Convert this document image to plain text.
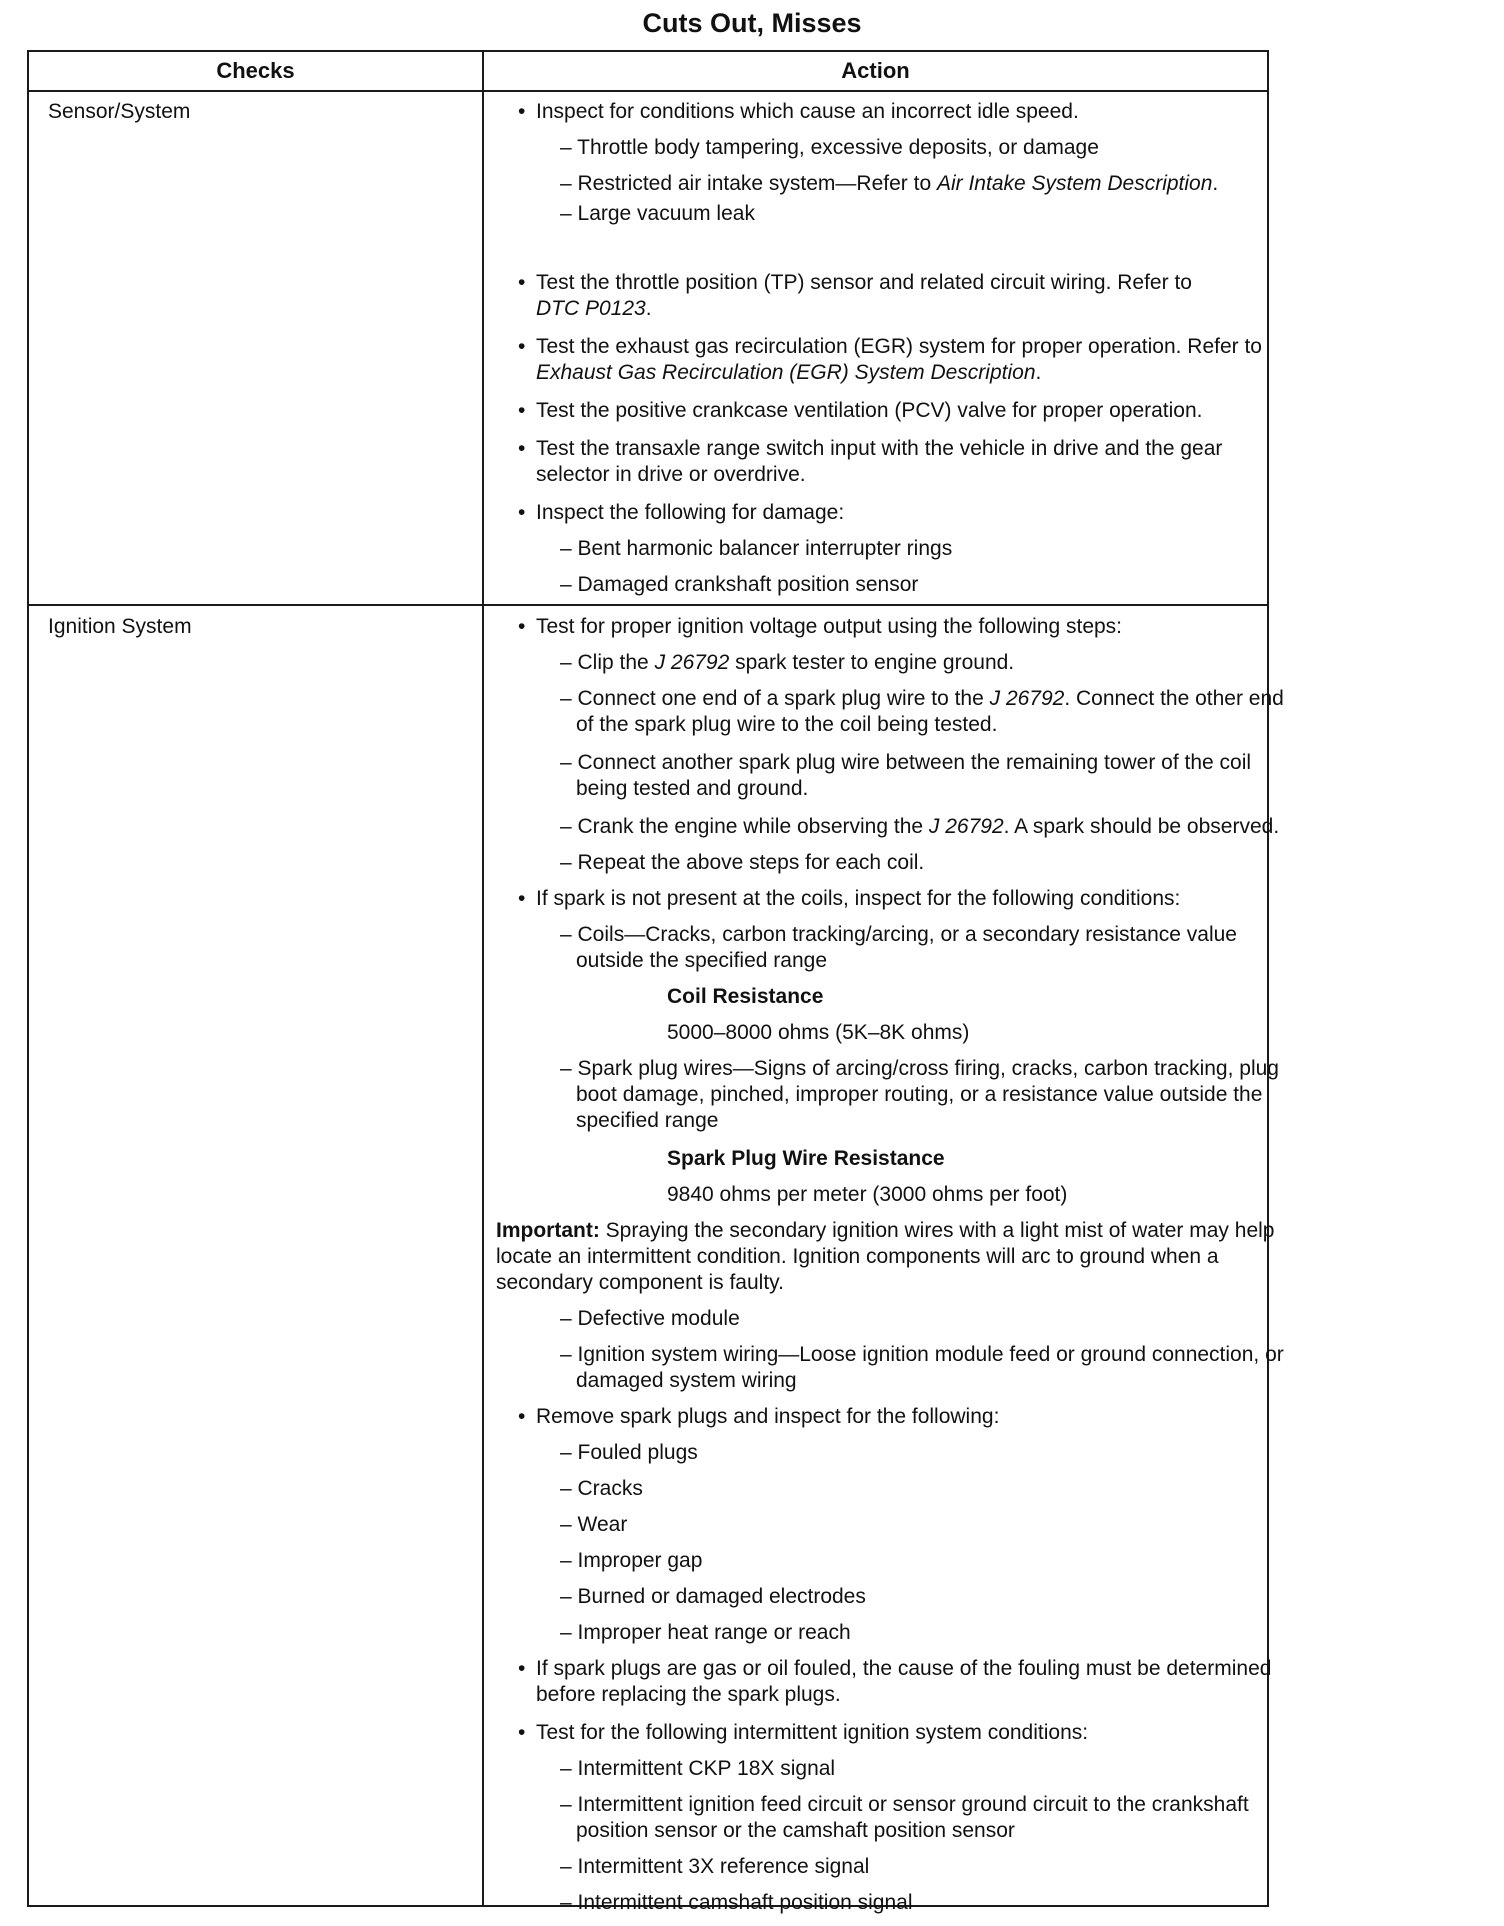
Cuts Out, Misses
Checks	Action
Sensor/System	• Inspect for conditions which cause an incorrect idle speed.
– Throttle body tampering, excessive deposits, or damage
– Restricted air intake system—Refer to Air Intake System Description.
– Large vacuum leak
• Test the throttle position (TP) sensor and related circuit wiring. Refer to
DTC P0123.
• Test the exhaust gas recirculation (EGR) system for proper operation. Refer to
Exhaust Gas Recirculation (EGR) System Description.
• Test the positive crankcase ventilation (PCV) valve for proper operation.
• Test the transaxle range switch input with the vehicle in drive and the gear
selector in drive or overdrive.
• Inspect the following for damage:
– Bent harmonic balancer interrupter rings
– Damaged crankshaft position sensor
Ignition System	• Test for proper ignition voltage output using the following steps:
– Clip the J 26792 spark tester to engine ground.
– Connect one end of a spark plug wire to the J 26792. Connect the other end
of the spark plug wire to the coil being tested.
– Connect another spark plug wire between the remaining tower of the coil
being tested and ground.
– Crank the engine while observing the J 26792. A spark should be observed.
– Repeat the above steps for each coil.
• If spark is not present at the coils, inspect for the following conditions:
– Coils—Cracks, carbon tracking/arcing, or a secondary resistance value
outside the specified range
Coil Resistance
5000–8000 ohms (5K–8K ohms)
– Spark plug wires—Signs of arcing/cross firing, cracks, carbon tracking, plug
boot damage, pinched, improper routing, or a resistance value outside the
specified range
Spark Plug Wire Resistance
9840 ohms per meter (3000 ohms per foot)
Important: Spraying the secondary ignition wires with a light mist of water may help
locate an intermittent condition. Ignition components will arc to ground when a
secondary component is faulty.
– Defective module
– Ignition system wiring—Loose ignition module feed or ground connection, or
damaged system wiring
• Remove spark plugs and inspect for the following:
– Fouled plugs
– Cracks
– Wear
– Improper gap
– Burned or damaged electrodes
– Improper heat range or reach
• If spark plugs are gas or oil fouled, the cause of the fouling must be determined
before replacing the spark plugs.
• Test for the following intermittent ignition system conditions:
– Intermittent CKP 18X signal
– Intermittent ignition feed circuit or sensor ground circuit to the crankshaft
position sensor or the camshaft position sensor
– Intermittent 3X reference signal
– Intermittent camshaft position signal
